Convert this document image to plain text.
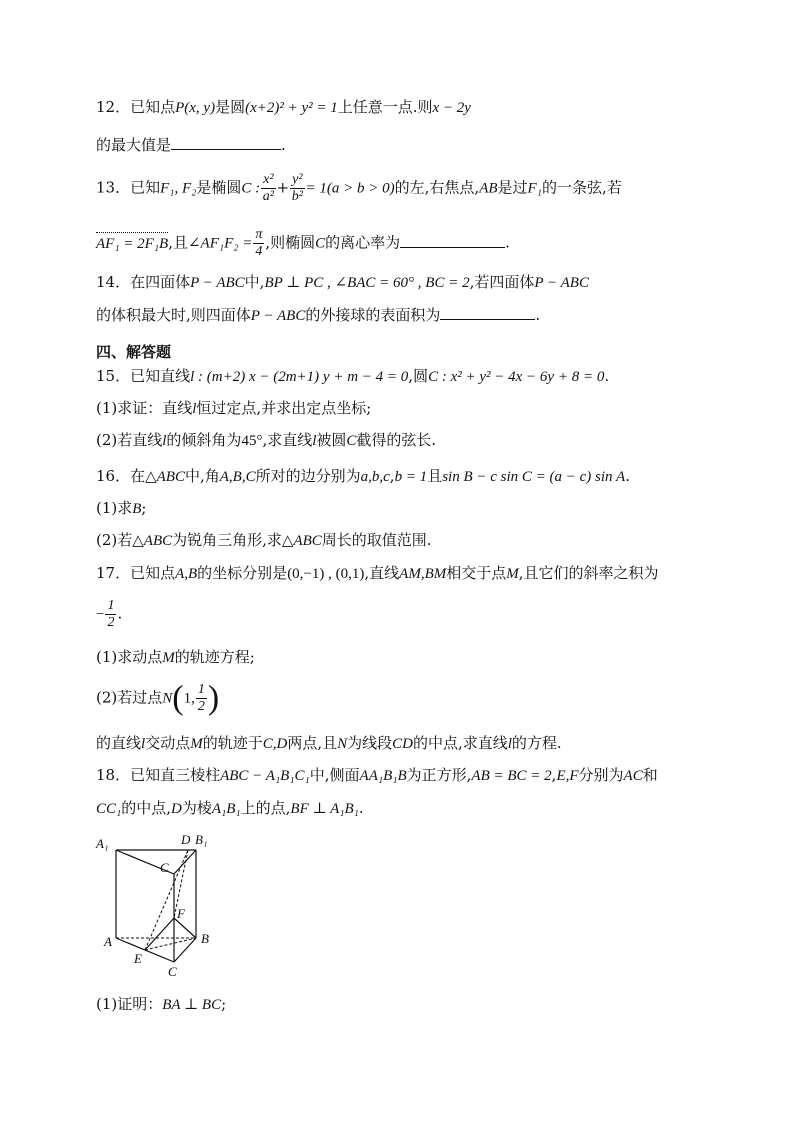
12．已知点P(x, y)是圆(x+2)² + y² = 1上任意一点.则x − 2y
的最大值是	.
13．已知F₁, F₂是椭圆C : $\frac{\text{x²}}{\text{a²}} + \frac{\text{y²}}{\text{b²}} = 1(a > b > 0)$的左,右焦点,AB是过F₁的一条弦,若
AF₁ = 2F₁B,且∠AF₁F₂ = $\frac{\pi}{4}$ ,则椭圆C的离心率为	.
14．在四面体P − ABC中,BP ⊥ PC , ∠BAC = 60° , BC = 2,若四面体P − ABC
的体积最大时,则四面体P − ABC的外接球的表面积为	.
四、解答题
15．已知直线l : (m+2) x − (2m+1) y + m − 4 = 0,圆C : x² + y² − 4x − 6y + 8 = 0.
(1)求证：直线l恒过定点,并求出定点坐标;
(2)若直线l的倾斜角为45°,求直线l被圆C截得的弦长.
16．在△ABC中,角A,B,C所对的边分别为a,b,c,b = 1且sin B − c sin C = (a − c) sin A.
(1)求B;
(2)若△ABC为锐角三角形,求△ABC周长的取值范围.
17．已知点A,B的坐标分别是(0,−1) , (0,1),直线AM,BM相交于点M,且它们的斜率之积为
− $\frac{1}{2}$ .
(1)求动点M的轨迹方程;
(2)若过点N(1, $\frac{1}{2}$ )
的直线l交动点M的轨迹于C,D两点,且N为线段CD的中点,求直线l的方程.
18．已知直三棱柱ABC − A₁B₁C₁中,侧面AA₁B₁B为正方形,AB = BC = 2,E,F分别为AC和
CC₁的中点,D为棱A₁B₁上的点,BF ⊥ A₁B₁.
A₁	D B₁
C
F
A	B
E
C
(1)证明：BA ⊥ BC;
